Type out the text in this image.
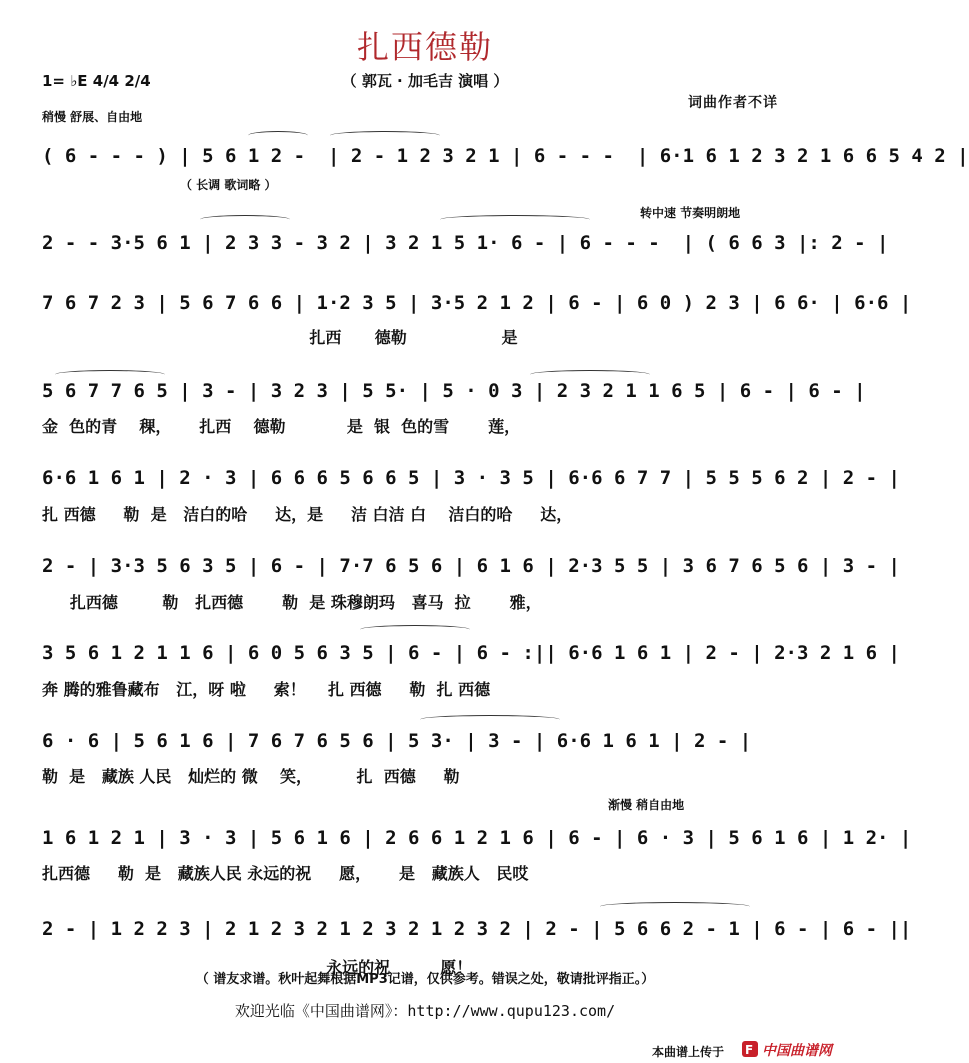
扎西德勒
（ 郭瓦 · 加毛吉 演唱 ）
1= ♭E 4/4 2/4
稍慢 舒展、自由地
词曲作者不详
（ 长调 歌词略 ）
转中速 节奏明朗地
渐慢 稍自由地
( 6 - - - ) | 5 6 1 2 -  | 2 - 1 2 3 2 1 | 6 - - -  | 6·1 6 1 2 3 2 1 6 6 5 4 2 |
2 - - 3·5 6 1 | 2 3 3 - 3 2 | 3 2 1 5 1· 6 - | 6 - - -  | ( 6 6 3 |: 2 - |
7 6 7 2 3 | 5 6 7 6 6 | 1·2 3 5 | 3·5 2 1 2 | 6 - | 6 0 ) 2 3 | 6 6· | 6·6 |
扎西      德勒                 是
5 6 7 7 6 5 | 3 - | 3 2 3 | 5 5· | 5 · 0 3 | 2 3 2 1 1 6 5 | 6 - | 6 - |
金  色的青    稞，     扎西    德勒           是  银  色的雪       莲，
6·6 1 6 1 | 2 · 3 | 6 6 6 5 6 6 5 | 3 · 3 5 | 6·6 6 7 7 | 5 5 5 6 2 | 2 - |
扎 西德     勒  是   洁白的哈     达，是     洁 白洁 白    洁白的哈     达，
2 - | 3·3 5 6 3 5 | 6 - | 7·7 6 5 6 | 6 1 6 | 2·3 5 5 | 3 6 7 6 5 6 | 3 - |
扎西德        勒   扎西德       勒  是 珠穆朗玛   喜马  拉       雅，
3 5 6 1 2 1 1 6 | 6 0 5 6 3 5 | 6 - | 6 - :|| 6·6 1 6 1 | 2 - | 2·3 2 1 6 |
奔 腾的雅鲁藏布   江，呀 啦     索！    扎 西德     勒  扎 西德
6 · 6 | 5 6 1 6 | 7 6 7 6 5 6 | 5 3· | 3 - | 6·6 1 6 1 | 2 - |
勒  是   藏族 人民   灿烂的 微    笑，        扎  西德     勒
1 6 1 2 1 | 3 · 3 | 5 6 1 6 | 2 6 6 1 2 1 6 | 6 - | 6 · 3 | 5 6 1 6 | 1 2· |
扎西德     勒  是   藏族人民 永远的祝     愿，     是   藏族人   民哎
2 - | 1 2 2 3 | 2 1 2 3 2 1 2 3 2 1 2 3 2 | 2 - | 5 6 6 2 - 1 | 6 - | 6 - ||
永远的祝         愿！
（ 谱友求谱。秋叶起舞根据MP3记谱，仅供参考。错误之处，敬请批评指正。）
欢迎光临《中国曲谱网》：http://www.qupu123.com/
本曲谱上传于 F 中国曲谱网
